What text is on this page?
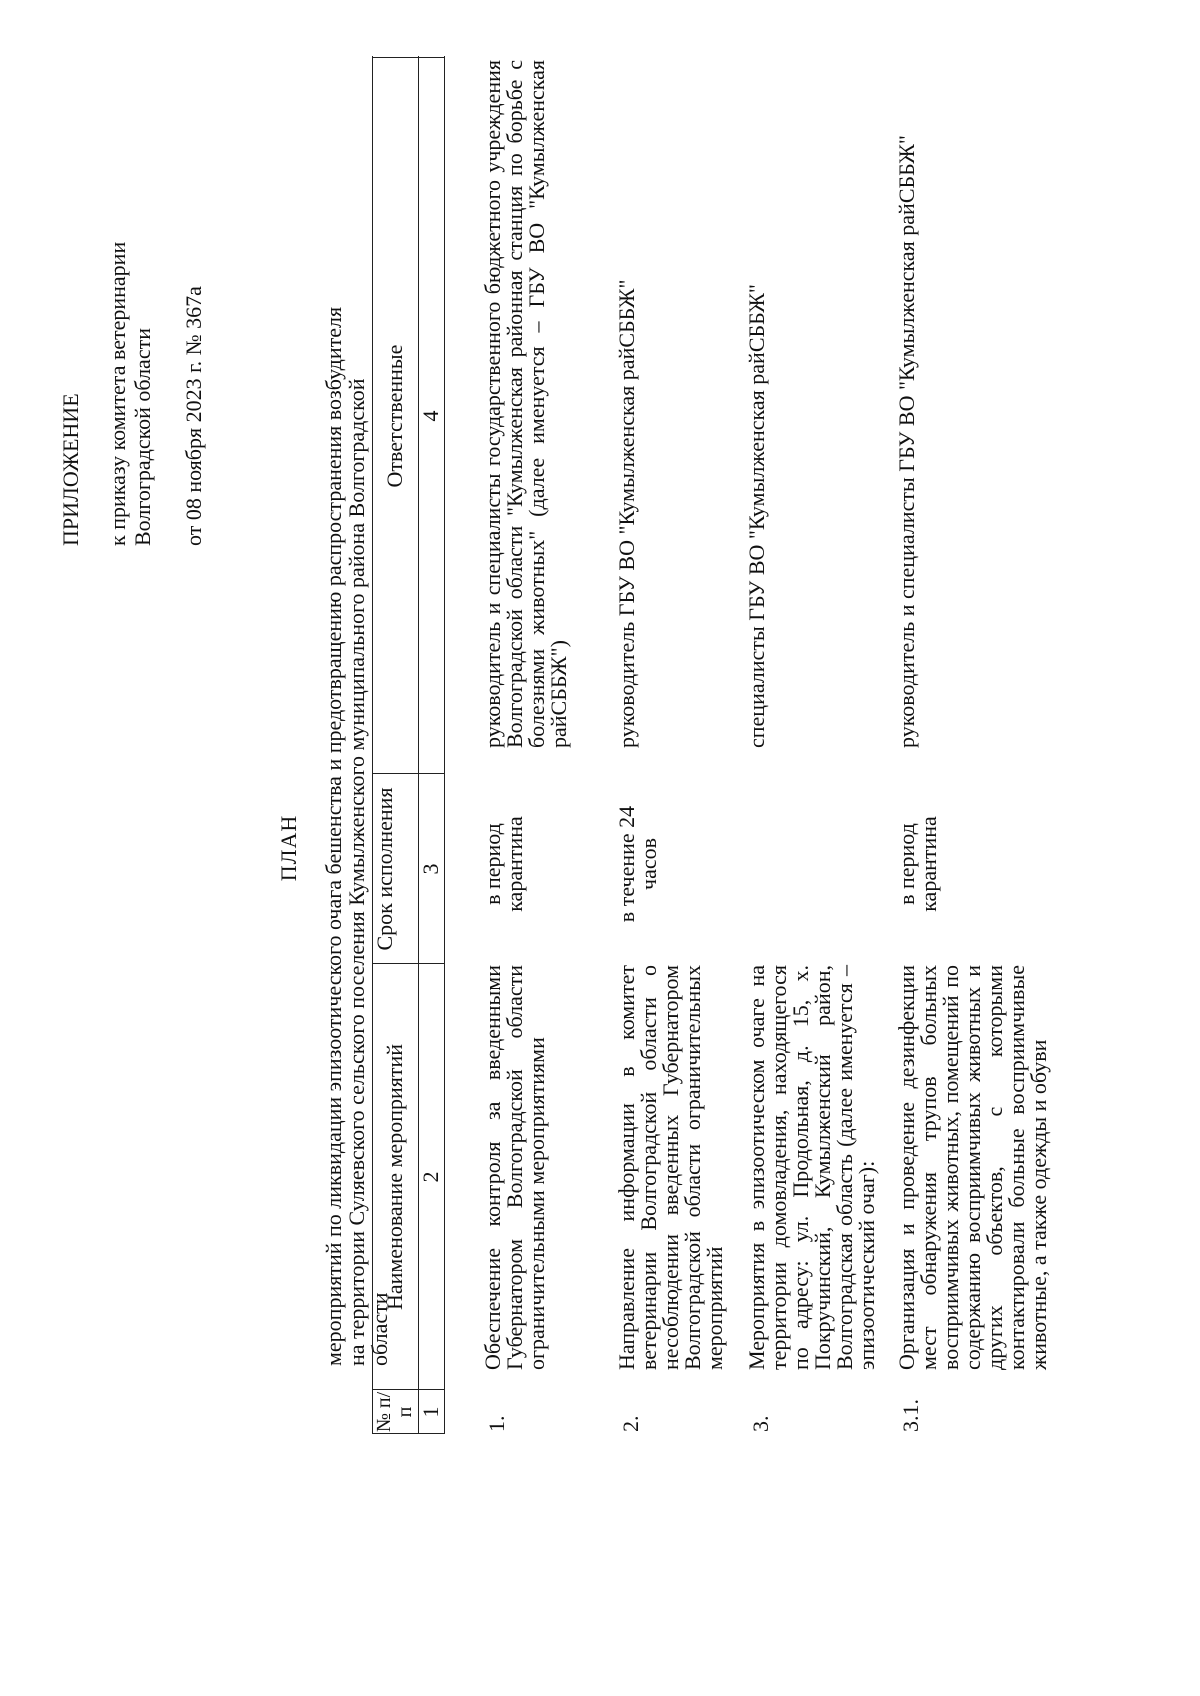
ПРИЛОЖЕНИЕ к приказу комитета ветеринарии Волгоградской области от 08 ноября 2023 г. № 367а
ПЛАН мероприятий по ликвидации эпизоотического очага бешенства и предотвращению распространения возбудителя
на территории Суляевского сельского поселения Кумылженского муниципального района Волгоградской области
№ п/п
Наименование мероприятий
Срок исполнения
Ответственные
1
2
3
4
1.
Обеспечение контроля за введенными Губернатором Волгоградской области ограничительными мероприятиями
в период карантина
руководитель и специалисты государственного бюджетного учреждения Волгоградской области "Кумылженская районная станция по борьбе с болезнями животных" (далее именуется – ГБУ ВО "Кумылженская райСББЖ")
2.
Направление информации в комитет ветеринарии Волгоградской области о несоблюдении введенных Губернатором Волгоградской области ограничительных мероприятий
в течение 24 часов
руководитель ГБУ ВО "Кумылженская райСББЖ"
3.
Мероприятия в эпизоотическом очаге на территории домовладения, находящегося по адресу: ул. Продольная, д. 15, х. Покручинский, Кумылженский район, Волгоградская область (далее именуется – эпизоотический очаг):
специалисты ГБУ ВО "Кумылженская райСББЖ"
3.1.
Организация и проведение дезинфекции мест обнаружения трупов больных восприимчивых животных, помещений по содержанию восприимчивых животных и других объектов, с которыми контактировали больные восприимчивые животные, а также одежды и обуви
в период карантина
руководитель и специалисты ГБУ ВО "Кумылженская райСББЖ"
